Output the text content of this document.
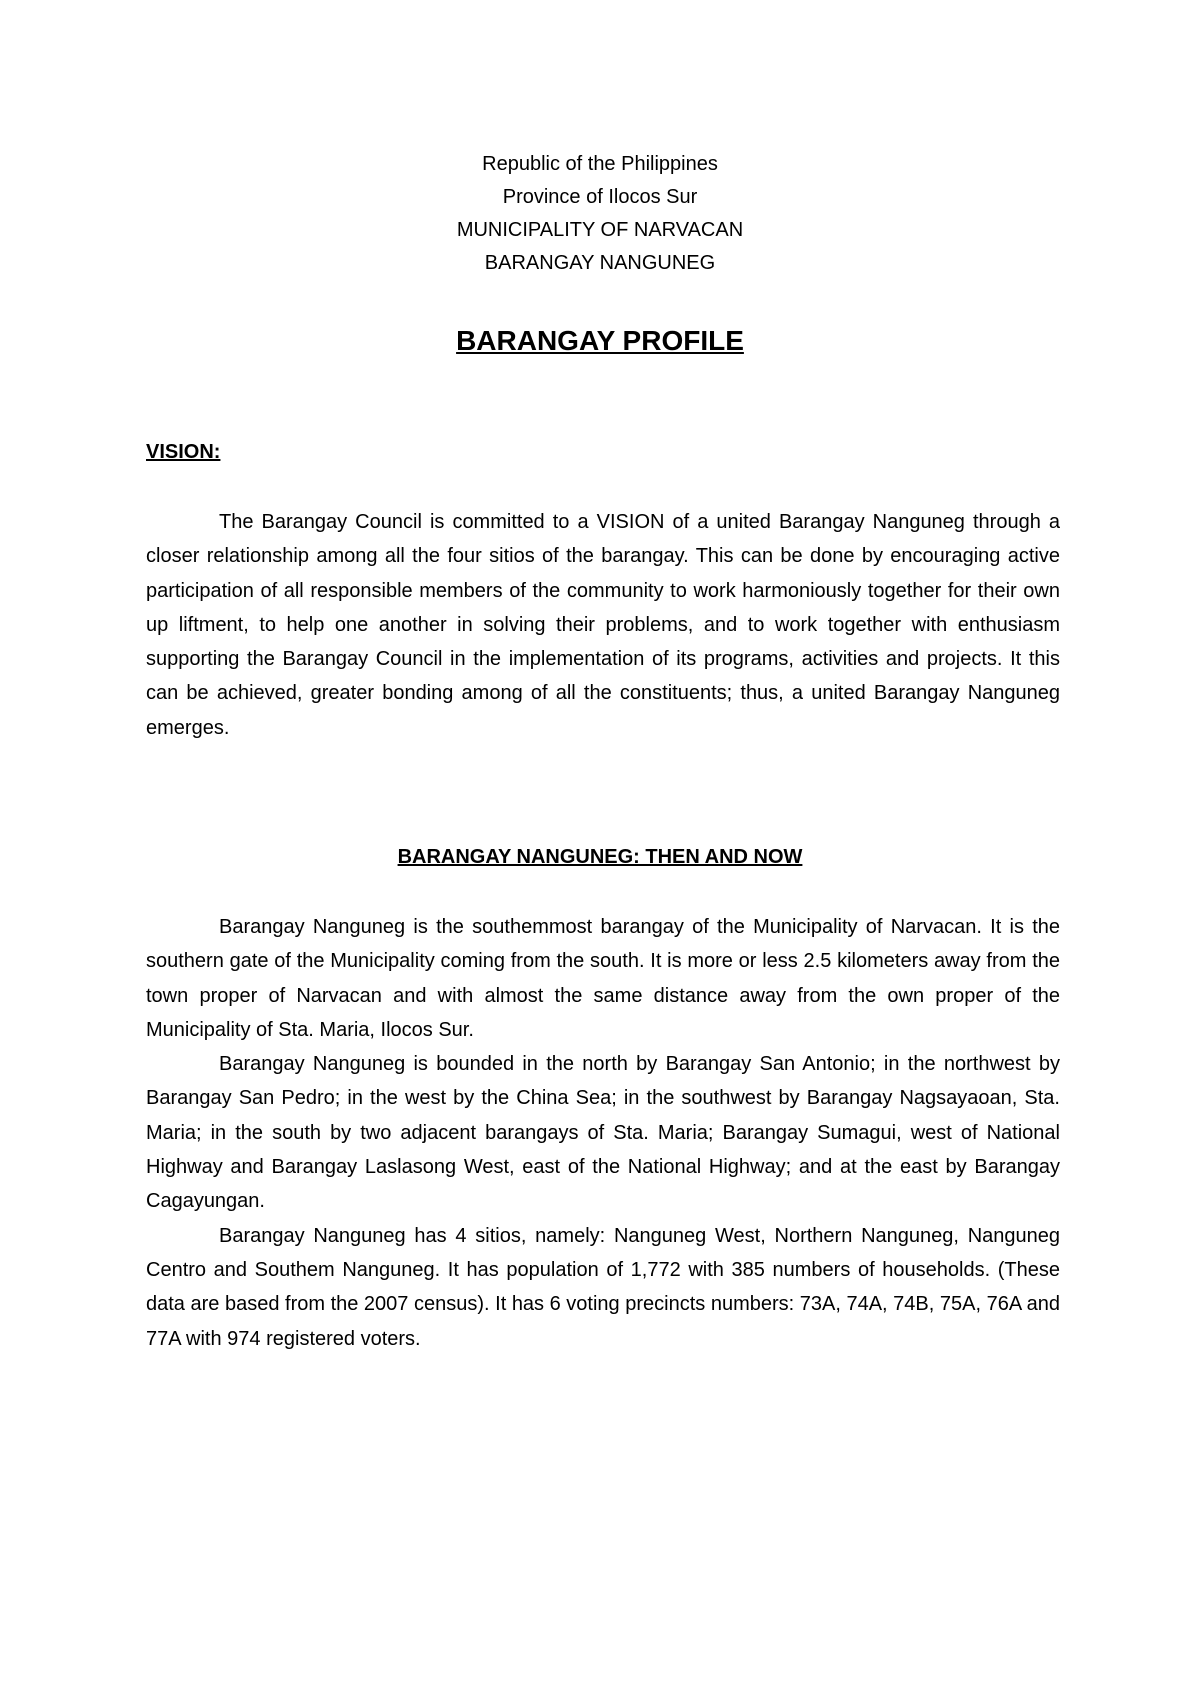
Republic of the Philippines
Province of Ilocos Sur
MUNICIPALITY OF NARVACAN
BARANGAY NANGUNEG
BARANGAY PROFILE
VISION:

The Barangay Council is committed to a VISION of a united Barangay Nanguneg through a closer relationship among all the four sitios of the barangay. This can be done by encouraging active participation of all responsible members of the community to work harmoniously together for their own up liftment, to help one another in solving their problems, and to work together with enthusiasm supporting the Barangay Council in the implementation of its programs, activities and projects. It this can be achieved, greater bonding among of all the constituents; thus, a united Barangay Nanguneg emerges.

BARANGAY NANGUNEG: THEN AND NOW

Barangay Nanguneg is the southemmost barangay of the Municipality of Narvacan. It is the southern gate of the Municipality coming from the south. It is more or less 2.5 kilometers away from the town proper of Narvacan and with almost the same distance away from the own proper of the Municipality of Sta. Maria, Ilocos Sur.

Barangay Nanguneg is bounded in the north by Barangay San Antonio; in the northwest by Barangay San Pedro; in the west by the China Sea; in the southwest by Barangay Nagsayaoan, Sta. Maria; in the south by two adjacent barangays of Sta. Maria; Barangay Sumagui, west of National Highway and Barangay Laslasong West, east of the National Highway; and at the east by Barangay Cagayungan.

Barangay Nanguneg has 4 sitios, namely: Nanguneg West, Northern Nanguneg, Nanguneg Centro and Southem Nanguneg. It has population of 1,772 with 385 numbers of households. (These data are based from the 2007 census). It has 6 voting precincts numbers: 73A, 74A, 74B, 75A, 76A and 77A with 974 registered voters.
